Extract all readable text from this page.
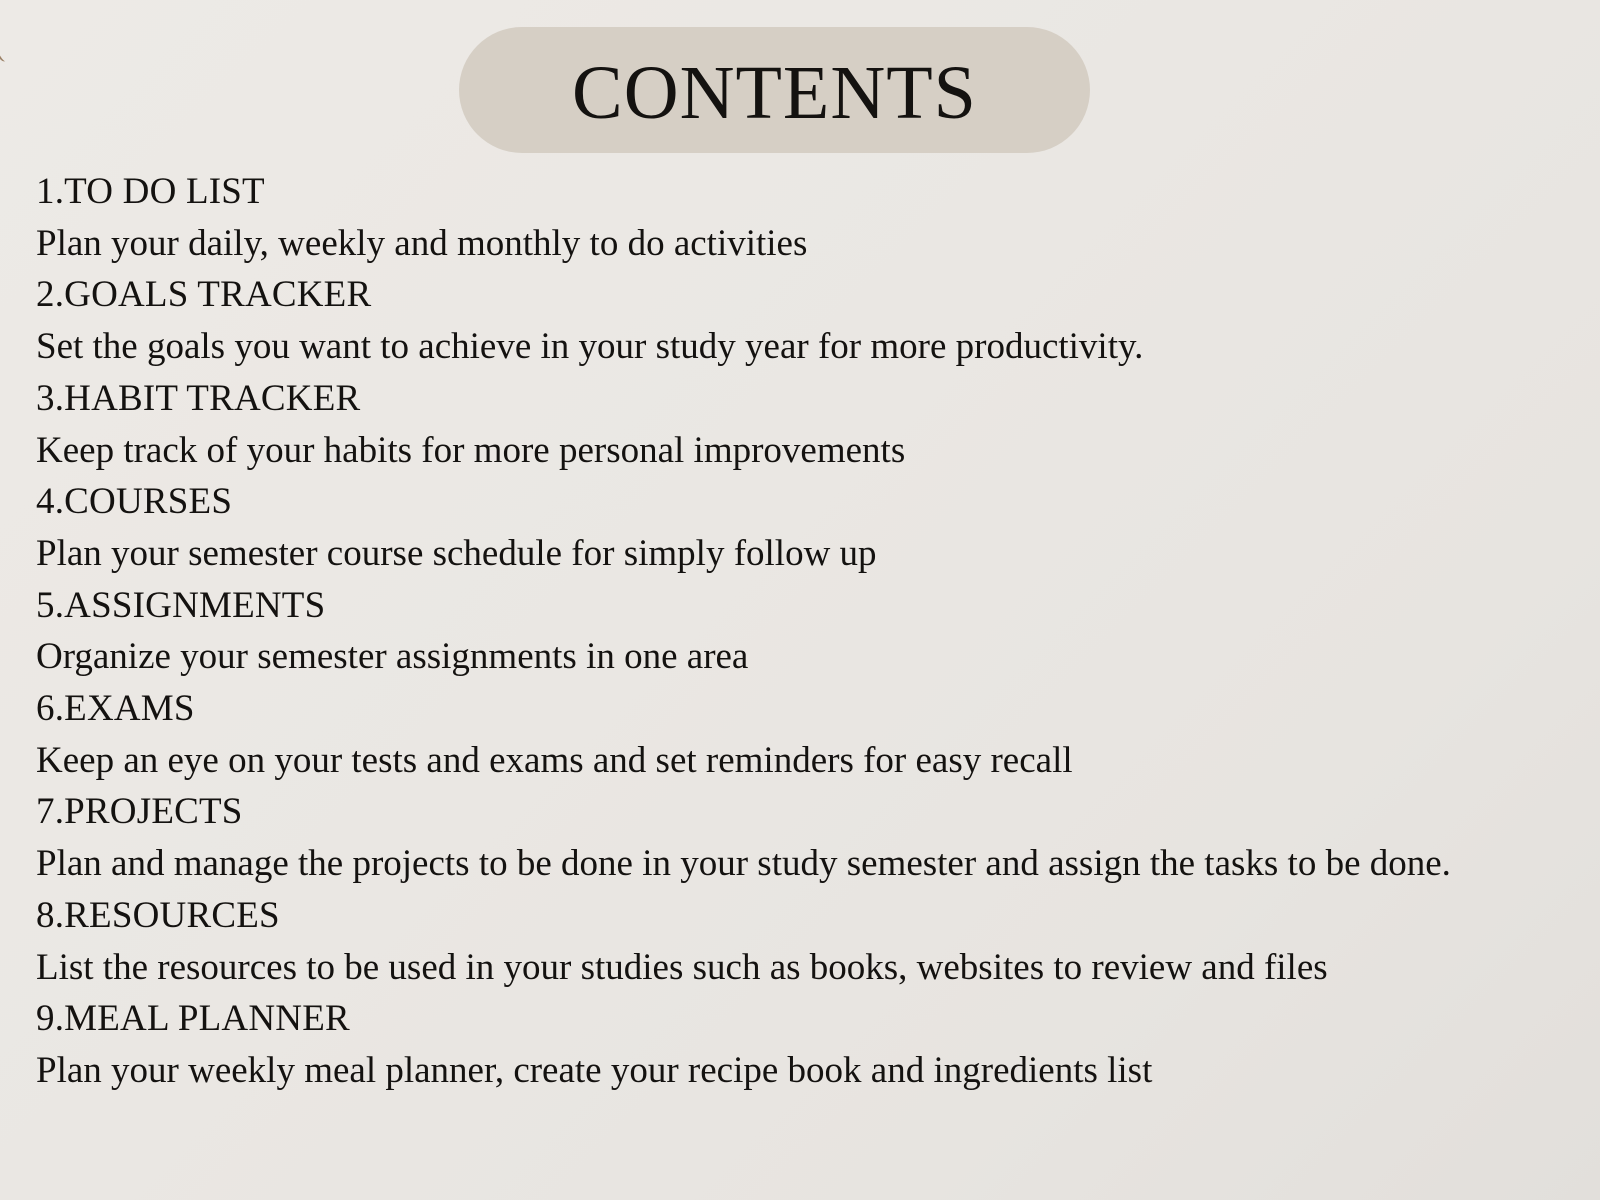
CONTENTS
1.TO DO LIST
Plan your daily, weekly and monthly to do activities
2.GOALS TRACKER
Set the goals you want to achieve in your study year for more productivity.
3.HABIT TRACKER
Keep track of your habits for more personal improvements
4.COURSES
Plan your semester course schedule for simply follow up
5.ASSIGNMENTS
Organize your semester assignments in one area
6.EXAMS
Keep an eye on your tests and exams and set reminders for easy recall
7.PROJECTS
Plan and manage the projects to be done in your study semester and assign the tasks to be done.
8.RESOURCES
List the resources to be used in your studies such as books, websites to review and files
9.MEAL PLANNER
Plan your weekly meal planner, create your recipe book and ingredients list
